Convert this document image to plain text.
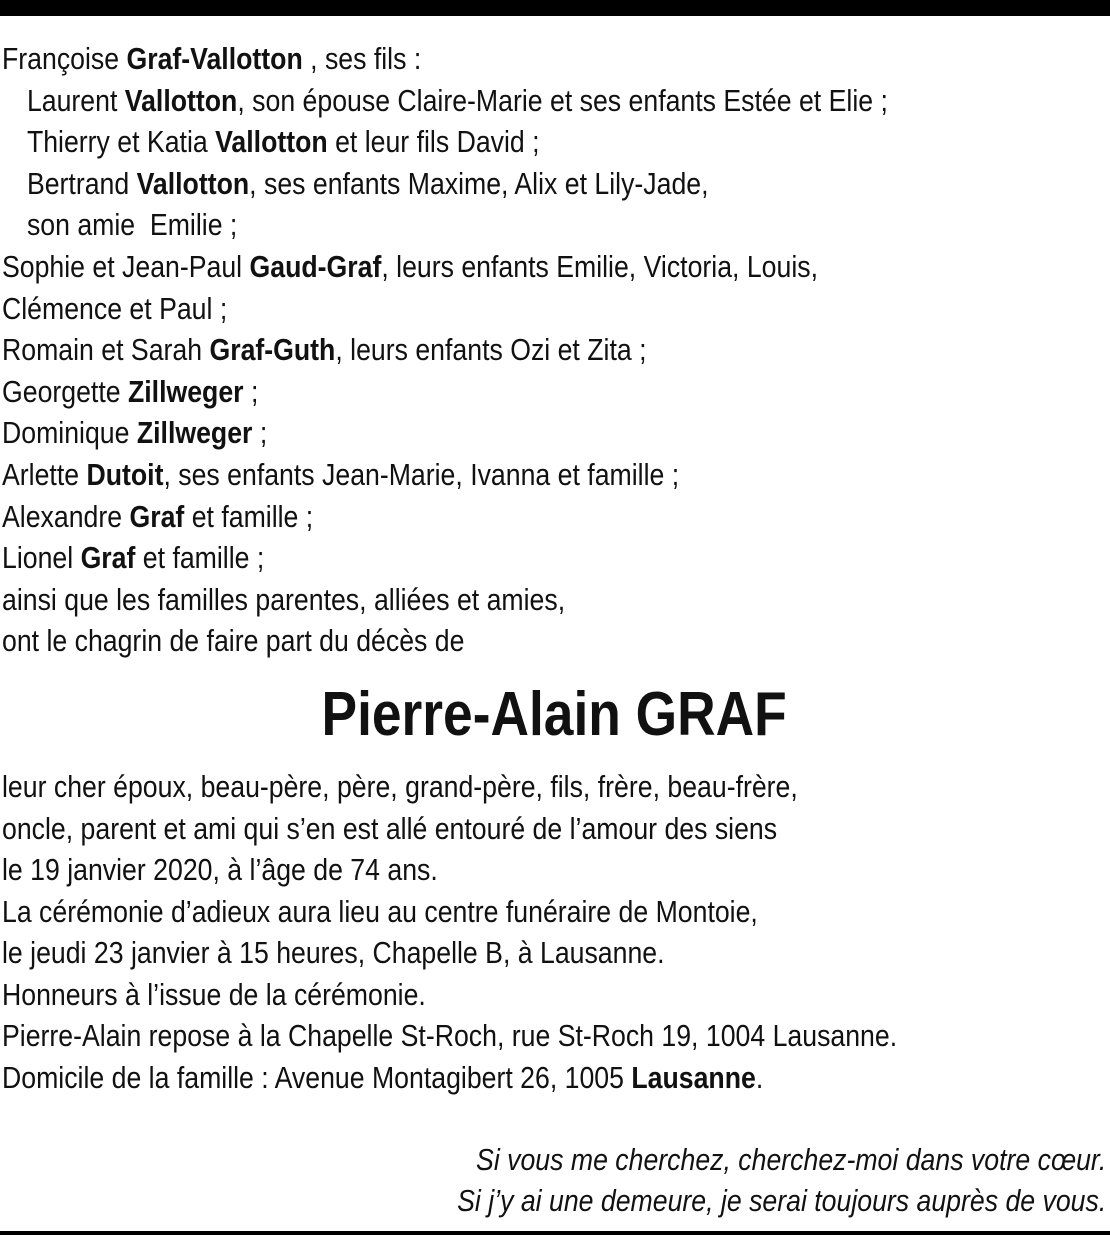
Françoise Graf-Vallotton , ses fils :
Laurent Vallotton, son épouse Claire-Marie et ses enfants Estée et Elie ;
Thierry et Katia Vallotton et leur fils David ;
Bertrand Vallotton, ses enfants Maxime, Alix et Lily-Jade,
son amie  Emilie ;
Sophie et Jean-Paul Gaud-Graf, leurs enfants Emilie, Victoria, Louis,
Clémence et Paul ;
Romain et Sarah Graf-Guth, leurs enfants Ozi et Zita ;
Georgette Zillweger ;
Dominique Zillweger ;
Arlette Dutoit, ses enfants Jean-Marie, Ivanna et famille ;
Alexandre Graf et famille ;
Lionel Graf et famille ;
ainsi que les familles parentes, alliées et amies,
ont le chagrin de faire part du décès de
Pierre-Alain GRAF
leur cher époux, beau-père, père, grand-père, fils, frère, beau-frère,
oncle, parent et ami qui s’en est allé entouré de l’amour des siens
le 19 janvier 2020, à l’âge de 74 ans.
La cérémonie d’adieux aura lieu au centre funéraire de Montoie,
le jeudi 23 janvier à 15 heures, Chapelle B, à Lausanne.
Honneurs à l’issue de la cérémonie.
Pierre-Alain repose à la Chapelle St-Roch, rue St-Roch 19, 1004 Lausanne.
Domicile de la famille : Avenue Montagibert 26, 1005 Lausanne.
Si vous me cherchez, cherchez-moi dans votre cœur.
Si j’y ai une demeure, je serai toujours auprès de vous.
